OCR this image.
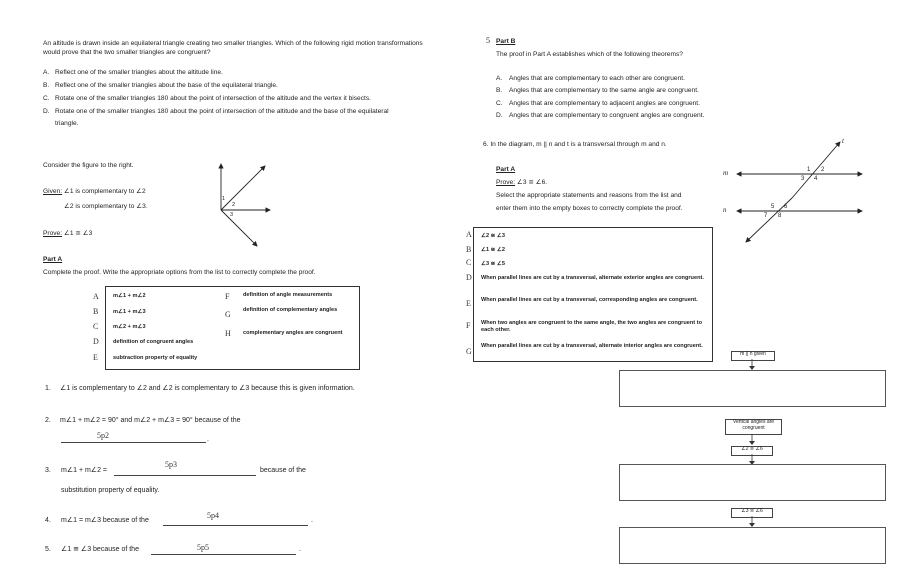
An altitude is drawn inside an equilateral triangle creating two smaller triangles. Which of the following rigid motion transformations would prove that the two smaller triangles are congruent?
A. Reflect one of the smaller triangles about the altitude line.
B. Reflect one of the smaller triangles about the base of the equilateral triangle.
C. Rotate one of the smaller triangles 180 about the point of intersection of the altitude and the vertex it bisects.
D. Rotate one of the smaller triangles 180 about the point of intersection of the altitude and the base of the equilateral triangle.
Consider the figure to the right.
Given: ∠1 is complementary to ∠2
∠2 is complementary to ∠3.
Prove: ∠1 ≅ ∠3
1
2
3
Part A
Complete the proof. Write the appropriate options from the list to correctly complete the proof.
A	m∠1 + m∠2
B	m∠1 + m∠3
C	m∠2 + m∠3
D	definition of congruent angles
E	subtraction property of equality
F definition of angle measurements
G definition of complementary angles
H complementary angles are congruent
1. ∠1 is complementary to ∠2 and ∠2 is complementary to ∠3 because this is given information.
2. m∠1 + m∠2 = 90° and m∠2 + m∠3 = 90° because of the
5p2	.
3. m∠1 + m∠2 =
5p3
because of the
substitution property of equality.
4. m∠1 = m∠3 because of the
5p4
.
5. ∠1 ≅ ∠3 because of the	5p5	.
5 Part B
The proof in Part A establishes which of the following theorems?
A. Angles that are complementary to each other are congruent.
B. Angles that are complementary to the same angle are congruent.
C. Angles that are complementary to adjacent angles are congruent.
D. Angles that are complementary to congruent angles are congruent.
6. In the diagram, m || n and t is a transversal through m and n.
Part A
Prove: ∠3 ≅ ∠6.
Select the appropriate statements and reasons from the list and
enter them into the empty boxes to correctly complete the proof.
m
n
t
1 2
3 4
5 6
7 8
A ∠2 ≅ ∠3
B ∠1 ≅ ∠2
C ∠3 ≅ ∠5
D When parallel lines are cut by a transversal, alternate exterior angles are congruent.
E When parallel lines are cut by a transversal, corresponding angles are congruent.
F When two angles are congruent to the same angle, the two angles are congruent to each other.
G
When parallel lines are cut by a transversal, alternate interior angles are congruent.
m || n given
Vertical angles are congruent
∠2 ≅ ∠6
∠3 ≅ ∠6
